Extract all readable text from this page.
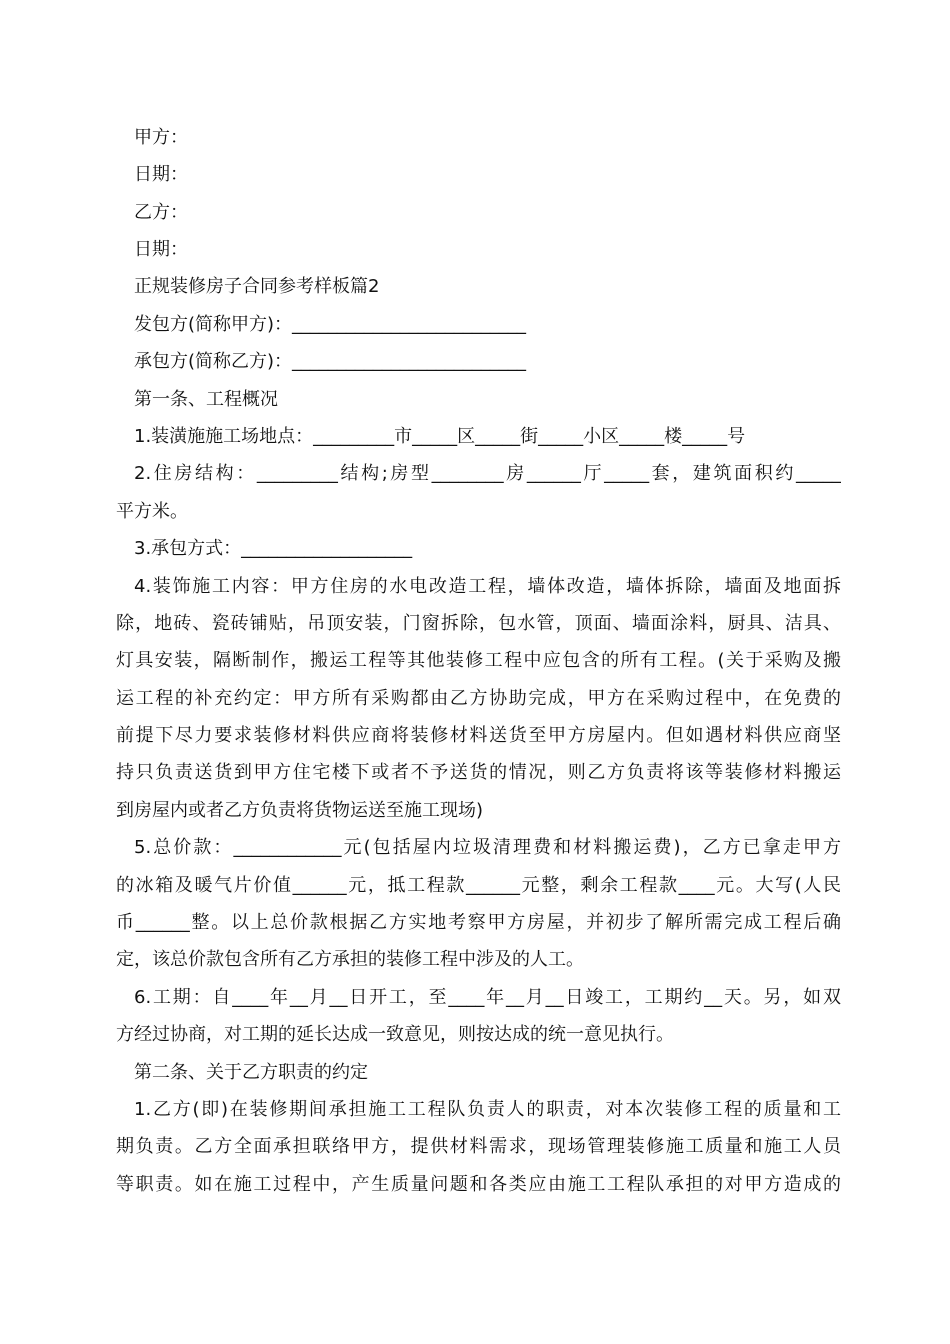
甲方：
日期：
乙方：
日期：
正规装修房子合同参考样板篇2
发包方(简称甲方)：__________________________
承包方(简称乙方)：__________________________
第一条、工程概况
1.装潢施施工场地点：_________市_____区_____街_____小区_____楼_____号
2.住房结构：_________结构;房型________房______厅_____套，建筑面积约_____
平方米。
3.承包方式：___________________
4.装饰施工内容：甲方住房的水电改造工程，墙体改造，墙体拆除，墙面及地面拆
除，地砖、瓷砖铺贴，吊顶安装，门窗拆除，包水管，顶面、墙面涂料，厨具、洁具、
灯具安装，隔断制作，搬运工程等其他装修工程中应包含的所有工程。(关于采购及搬
运工程的补充约定：甲方所有采购都由乙方协助完成，甲方在采购过程中，在免费的
前提下尽力要求装修材料供应商将装修材料送货至甲方房屋内。但如遇材料供应商坚
持只负责送货到甲方住宅楼下或者不予送货的情况，则乙方负责将该等装修材料搬运
到房屋内或者乙方负责将货物运送至施工现场)
5.总价款：____________元(包括屋内垃圾清理费和材料搬运费)，乙方已拿走甲方
的冰箱及暖气片价值______元，抵工程款______元整，剩余工程款____元。大写(人民
币______整。以上总价款根据乙方实地考察甲方房屋，并初步了解所需完成工程后确
定，该总价款包含所有乙方承担的装修工程中涉及的人工。
6.工期：自____年__月__日开工，至____年__月__日竣工，工期约__天。另，如双
方经过协商，对工期的延长达成一致意见，则按达成的统一意见执行。
第二条、关于乙方职责的约定
1.乙方(即)在装修期间承担施工工程队负责人的职责，对本次装修工程的质量和工
期负责。乙方全面承担联络甲方，提供材料需求，现场管理装修施工质量和施工人员
等职责。如在施工过程中，产生质量问题和各类应由施工工程队承担的对甲方造成的
